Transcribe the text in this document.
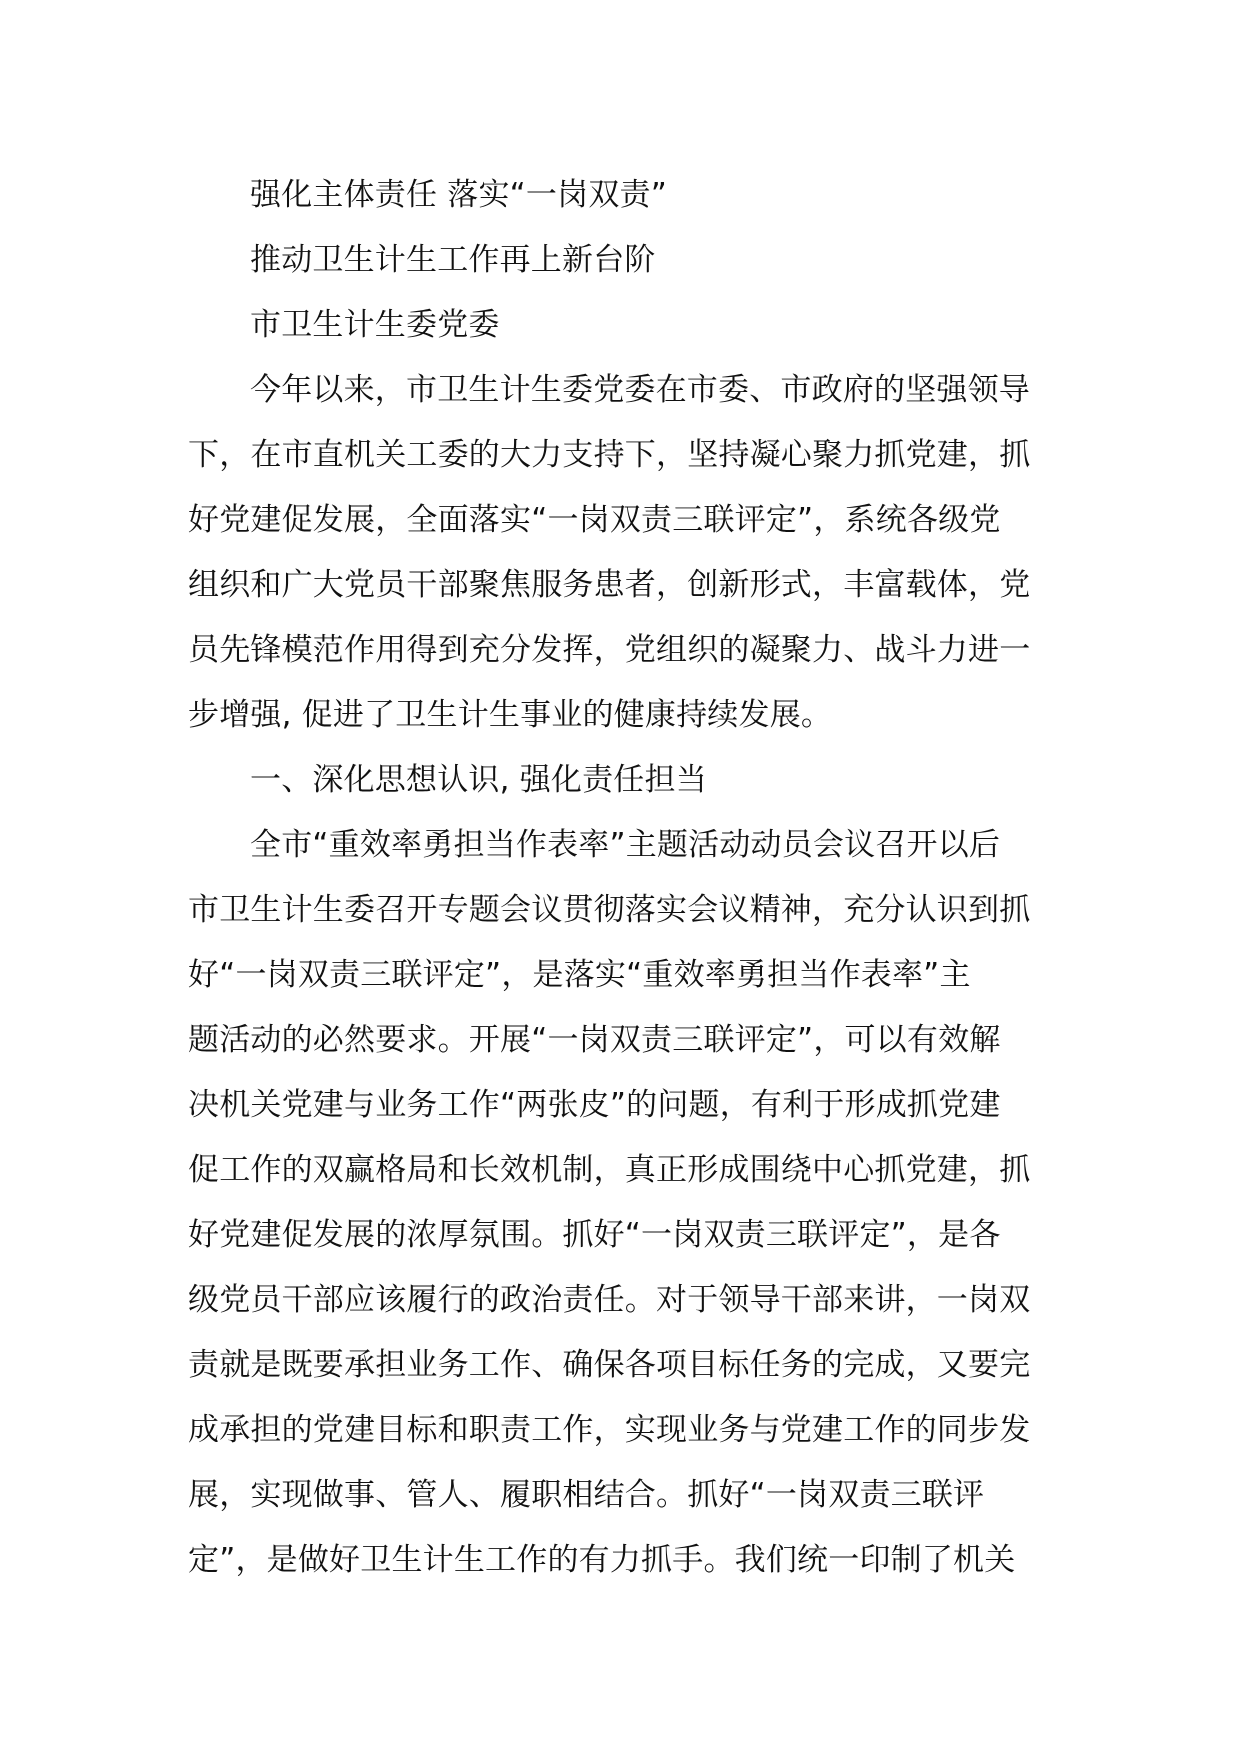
强化主体责任 落实“一岗双责”
推动卫生计生工作再上新台阶
市卫生计生委党委
今年以来，市卫生计生委党委在市委、市政府的坚强领导
下，在市直机关工委的大力支持下，坚持凝心聚力抓党建，抓
好党建促发展，全面落实“一岗双责三联评定”，系统各级党
组织和广大党员干部聚焦服务患者，创新形式，丰富载体，党
员先锋模范作用得到充分发挥，党组织的凝聚力、战斗力进一
步增强, 促进了卫生计生事业的健康持续发展。
一、深化思想认识, 强化责任担当
全市“重效率勇担当作表率”主题活动动员会议召开以后
市卫生计生委召开专题会议贯彻落实会议精神，充分认识到抓
好“一岗双责三联评定”，是落实“重效率勇担当作表率”主
题活动的必然要求。开展“一岗双责三联评定”，可以有效解
决机关党建与业务工作“两张皮”的问题，有利于形成抓党建
促工作的双赢格局和长效机制，真正形成围绕中心抓党建，抓
好党建促发展的浓厚氛围。抓好“一岗双责三联评定”，是各
级党员干部应该履行的政治责任。对于领导干部来讲，一岗双
责就是既要承担业务工作、确保各项目标任务的完成，又要完
成承担的党建目标和职责工作，实现业务与党建工作的同步发
展，实现做事、管人、履职相结合。抓好“一岗双责三联评
定”，是做好卫生计生工作的有力抓手。我们统一印制了机关
